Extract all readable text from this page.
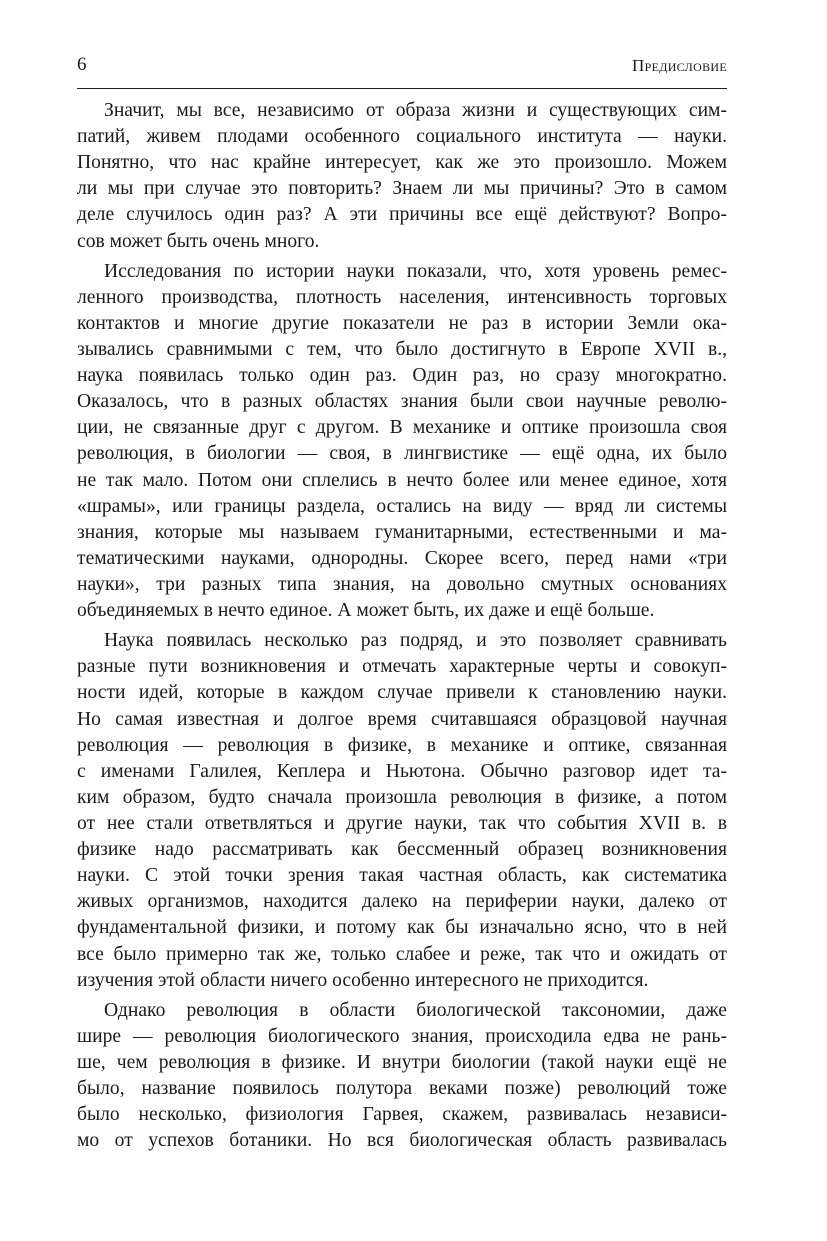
6	Предисловие
Значит, мы все, независимо от образа жизни и существующих сим-
патий, живем плодами особенного социального института — науки.
Понятно, что нас крайне интересует, как же это произошло. Можем
ли мы при случае это повторить? Знаем ли мы причины? Это в самом
деле случилось один раз? А эти причины все ещё действуют? Вопро-
сов может быть очень много.
Исследования по истории науки показали, что, хотя уровень ремес-
ленного производства, плотность населения, интенсивность торговых
контактов и многие другие показатели не раз в истории Земли ока-
зывались сравнимыми с тем, что было достигнуто в Европе XVII в.,
наука появилась только один раз. Один раз, но сразу многократно.
Оказалось, что в разных областях знания были свои научные револю-
ции, не связанные друг с другом. В механике и оптике произошла своя
революция, в биологии — своя, в лингвистике — ещё одна, их было
не так мало. Потом они сплелись в нечто более или менее единое, хотя
«шрамы», или границы раздела, остались на виду — вряд ли системы
знания, которые мы называем гуманитарными, естественными и ма-
тематическими науками, однородны. Скорее всего, перед нами «три
науки», три разных типа знания, на довольно смутных основаниях
объединяемых в нечто единое. А может быть, их даже и ещё больше.
Наука появилась несколько раз подряд, и это позволяет сравнивать
разные пути возникновения и отмечать характерные черты и совокуп-
ности идей, которые в каждом случае привели к становлению науки.
Но самая известная и долгое время считавшаяся образцовой научная
революция — революция в физике, в механике и оптике, связанная
с именами Галилея, Кеплера и Ньютона. Обычно разговор идет та-
ким образом, будто сначала произошла революция в физике, а потом
от нее стали ответвляться и другие науки, так что события XVII в. в
физике надо рассматривать как бессменный образец возникновения
науки. С этой точки зрения такая частная область, как систематика
живых организмов, находится далеко на периферии науки, далеко от
фундаментальной физики, и потому как бы изначально ясно, что в ней
все было примерно так же, только слабее и реже, так что и ожидать от
изучения этой области ничего особенно интересного не приходится.
Однако революция в области биологической таксономии, даже
шире — революция биологического знания, происходила едва не рань-
ше, чем революция в физике. И внутри биологии (такой науки ещё не
было, название появилось полутора веками позже) революций тоже
было несколько, физиология Гарвея, скажем, развивалась независи-
мо от успехов ботаники. Но вся биологическая область развивалась
